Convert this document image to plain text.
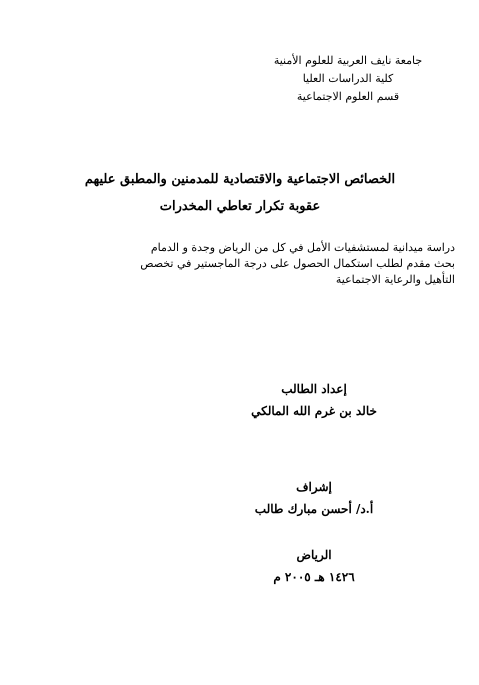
جامعة نايف العربية للعلوم الأمنية
كلية الدراسات العليا
قسم العلوم الاجتماعية
الخصائص الاجتماعية والاقتصادية للمدمنين والمطبق عليهم
عقوبة تكرار تعاطي المخدرات
دراسة ميدانية لمستشفيات الأمل في كل من الرياض وجدة و الدمام
بحث مقدم لطلب استكمال الحصول على درجة الماجستير في تخصص
التأهيل والرعاية الاجتماعية
إعداد الطالب
خالد بن غرم الله المالكي
إشراف
أ.د/ أحسن مبارك طالب
الرياض
١٤٢٦ هـ ٢٠٠٥ م
